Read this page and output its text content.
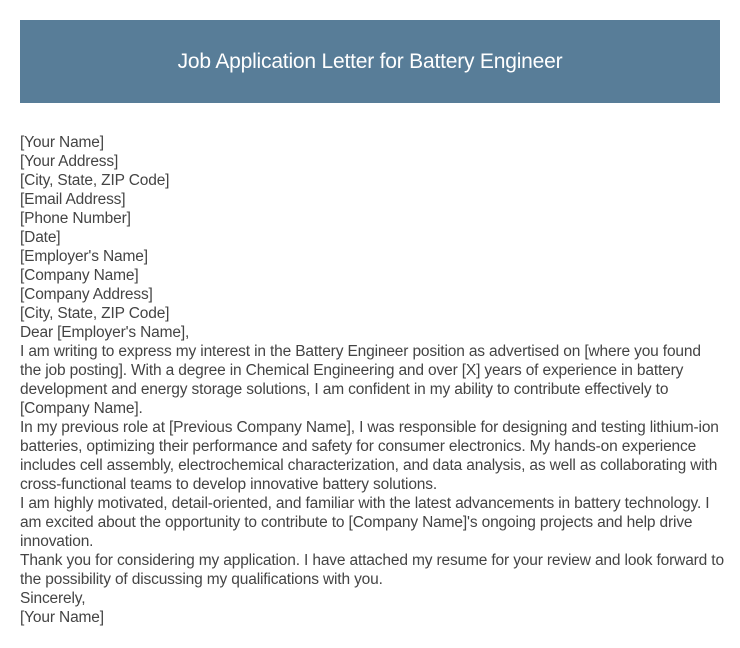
Job Application Letter for Battery Engineer

[Your Name]

[Your Address]

[City, State, ZIP Code]

[Email Address]

[Phone Number]

[Date]

[Employer's Name]

[Company Name]

[Company Address]

[City, State, ZIP Code]

Dear [Employer's Name],

I am writing to express my interest in the Battery Engineer position as advertised on [where you found the job posting]. With a degree in Chemical Engineering and over [X] years of experience in battery development and energy storage solutions, I am confident in my ability to contribute effectively to [Company Name].

In my previous role at [Previous Company Name], I was responsible for designing and testing lithium-ion batteries, optimizing their performance and safety for consumer electronics. My hands-on experience includes cell assembly, electrochemical characterization, and data analysis, as well as collaborating with cross-functional teams to develop innovative battery solutions.

I am highly motivated, detail-oriented, and familiar with the latest advancements in battery technology. I am excited about the opportunity to contribute to [Company Name]'s ongoing projects and help drive innovation.

Thank you for considering my application. I have attached my resume for your review and look forward to the possibility of discussing my qualifications with you.

Sincerely,

[Your Name]
